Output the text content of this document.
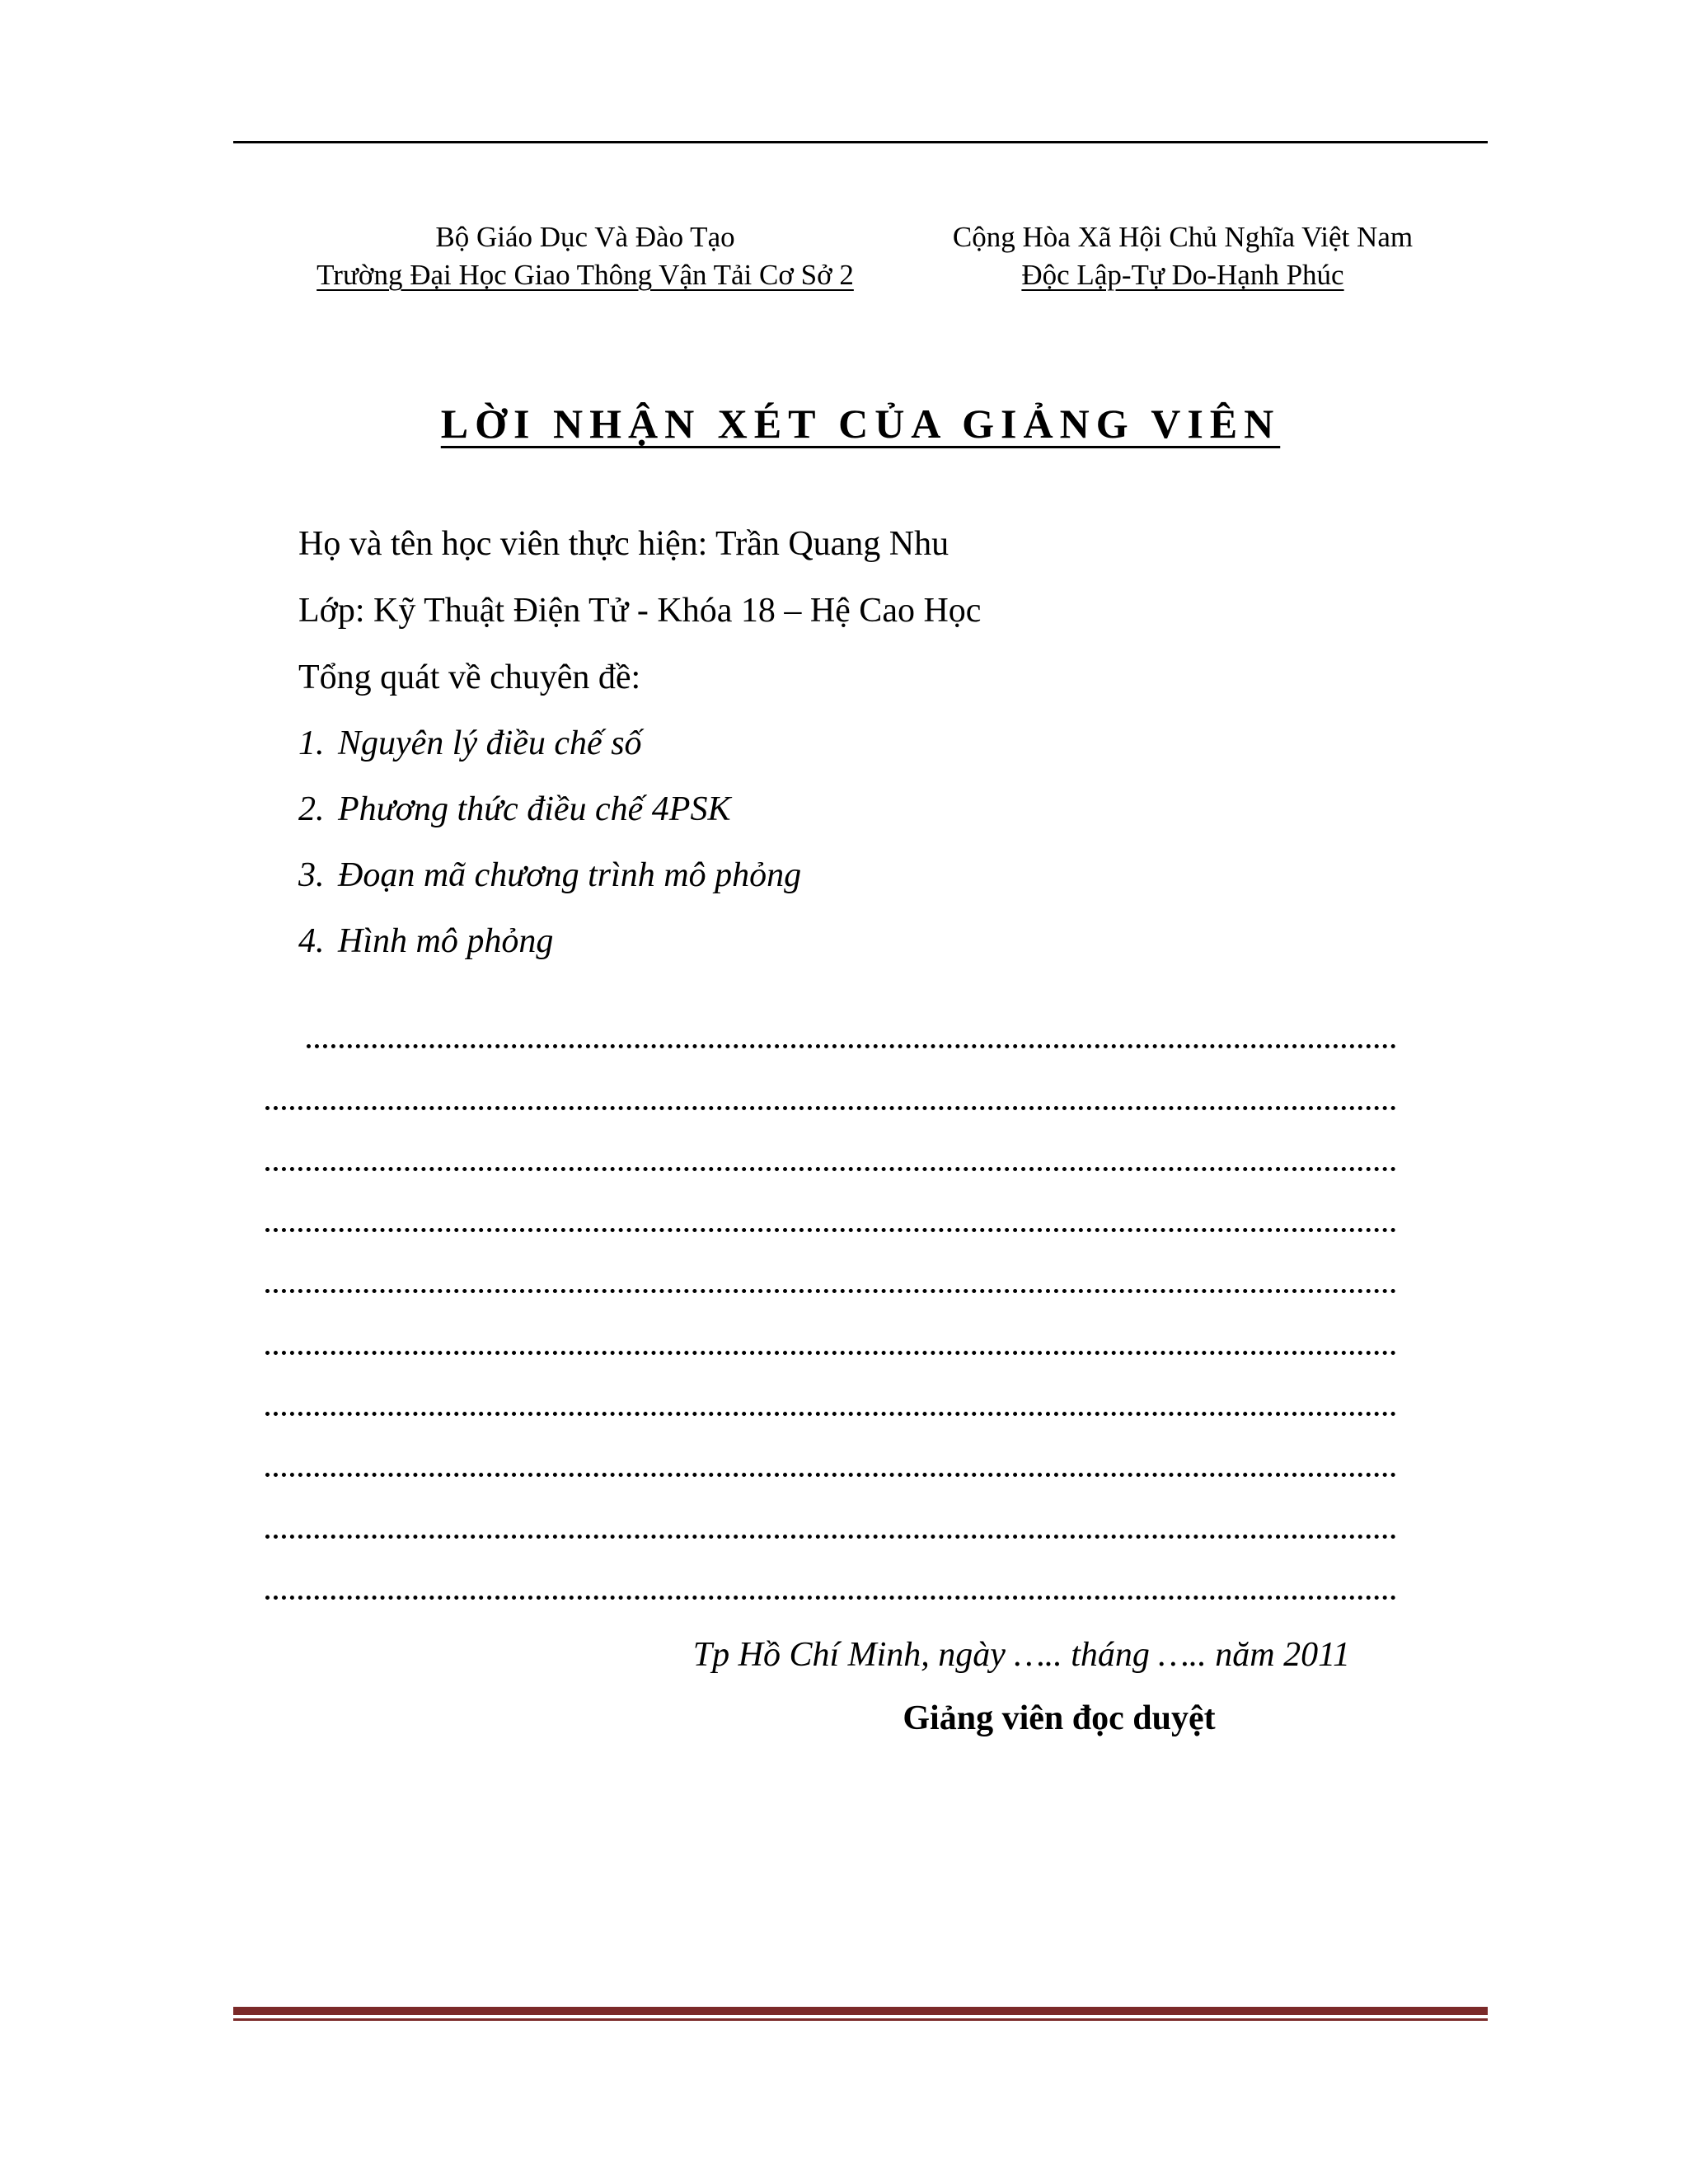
Bộ Giáo Dục Và Đào Tạo
Trường Đại Học Giao Thông Vận Tải Cơ Sở 2
Cộng Hòa Xã Hội Chủ Nghĩa Việt Nam
Độc Lập-Tự Do-Hạnh Phúc
LỜI NHẬN XÉT CỦA GIẢNG VIÊN
Họ và tên học viên thực hiện: Trần Quang Nhu
Lớp: Kỹ Thuật Điện Tử - Khóa 18 – Hệ Cao Học
Tổng quát về chuyên đề:
1. Nguyên lý điều chế số
2. Phương thức điều chế 4PSK
3. Đoạn mã chương trình mô phỏng
4. Hình mô phỏng
Tp Hồ Chí Minh, ngày ….. tháng ….. năm 2011
Giảng viên đọc duyệt
